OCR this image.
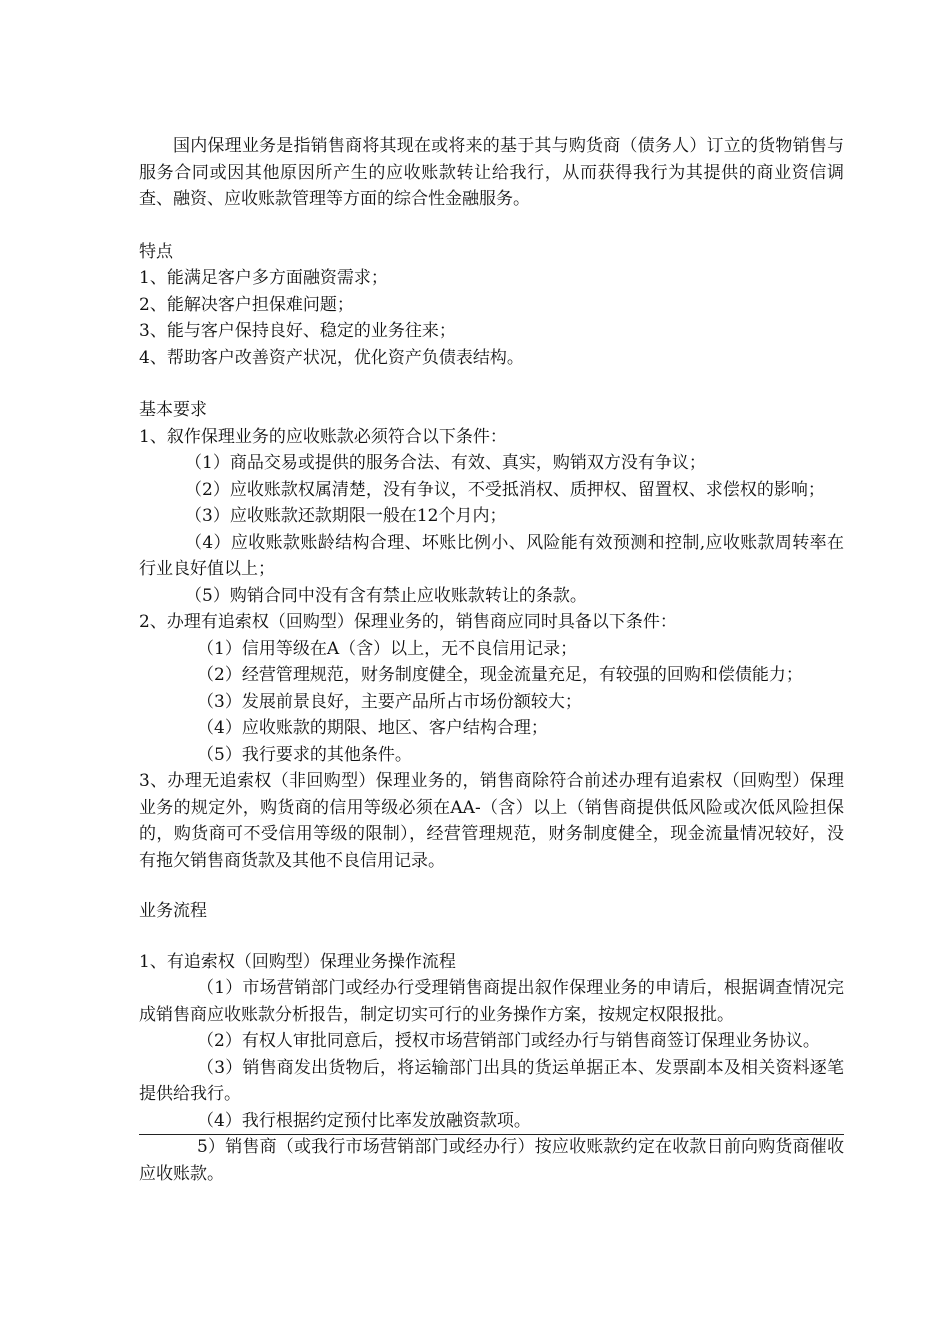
国内保理业务是指销售商将其现在或将来的基于其与购货商（债务人）订立的货物销售与服务合同或因其他原因所产生的应收账款转让给我行，从而获得我行为其提供的商业资信调查、融资、应收账款管理等方面的综合性金融服务。

特点

1、能满足客户多方面融资需求；

2、能解决客户担保难问题；

3、能与客户保持良好、稳定的业务往来；

4、帮助客户改善资产状况，优化资产负债表结构。

基本要求

1、叙作保理业务的应收账款必须符合以下条件：

（1）商品交易或提供的服务合法、有效、真实，购销双方没有争议；

（2）应收账款权属清楚，没有争议，不受抵消权、质押权、留置权、求偿权的影响；

（3）应收账款还款期限一般在12个月内；

（4）应收账款账龄结构合理、坏账比例小、风险能有效预测和控制,应收账款周转率在行业良好值以上；

（5）购销合同中没有含有禁止应收账款转让的条款。

2、办理有追索权（回购型）保理业务的，销售商应同时具备以下条件：

（1）信用等级在A（含）以上，无不良信用记录；

（2）经营管理规范，财务制度健全，现金流量充足，有较强的回购和偿债能力；

（3）发展前景良好，主要产品所占市场份额较大；

（4）应收账款的期限、地区、客户结构合理；

（5）我行要求的其他条件。

3、办理无追索权（非回购型）保理业务的，销售商除符合前述办理有追索权（回购型）保理业务的规定外，购货商的信用等级必须在AA-（含）以上（销售商提供低风险或次低风险担保的，购货商可不受信用等级的限制），经营管理规范，财务制度健全，现金流量情况较好，没有拖欠销售商货款及其他不良信用记录。

业务流程

1、有追索权（回购型）保理业务操作流程

（1）市场营销部门或经办行受理销售商提出叙作保理业务的申请后，根据调查情况完成销售商应收账款分析报告，制定切实可行的业务操作方案，按规定权限报批。

（2）有权人审批同意后，授权市场营销部门或经办行与销售商签订保理业务协议。

（3）销售商发出货物后，将运输部门出具的货运单据正本、发票副本及相关资料逐笔提供给我行。

（4）我行根据约定预付比率发放融资款项。

5）销售商（或我行市场营销部门或经办行）按应收账款约定在收款日前向购货商催收应收账款。
